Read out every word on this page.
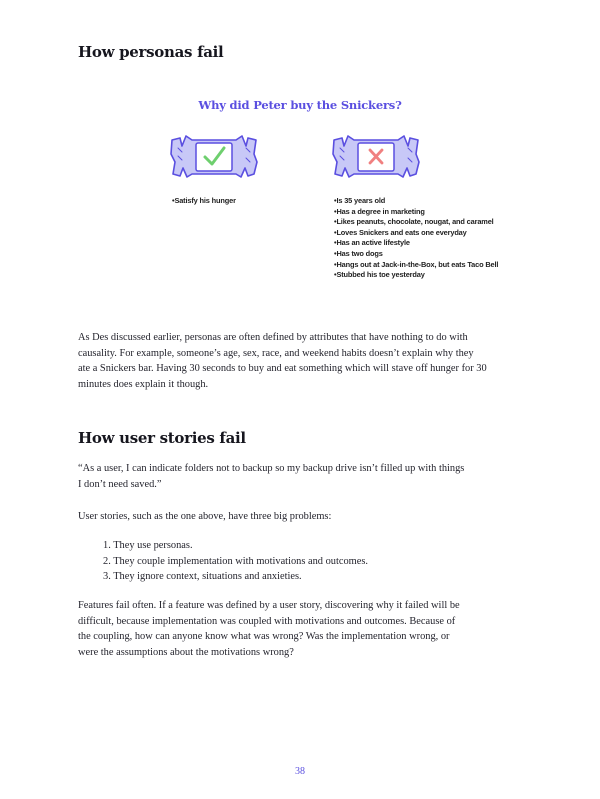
How personas fail
Why did Peter buy the Snickers?
• Satisfy his hunger	• Is 35 years old
• Has a degree in marketing
• Likes peanuts, chocolate, nougat, and caramel
• Loves Snickers and eats one everyday
• Has an active lifestyle
• Has two dogs
• Hangs out at Jack-in-the-Box, but eats Taco Bell
• Stubbed his toe yesterday

As Des discussed earlier, personas are often defined by attributes that have nothing to do with

causality. For example, someone’s age, sex, race, and weekend habits doesn’t explain why they

ate a Snickers bar. Having 30 seconds to buy and eat something which will stave off hunger for 30

minutes does explain it though.

How user stories fail

“As a user, I can indicate folders not to backup so my backup drive isn’t filled up with things

I don’t need saved.”

User stories, such as the one above, have three big problems:

1. They use personas.
2. They couple implementation with motivations and outcomes.
3. They ignore context, situations and anxieties.

Features fail often. If a feature was defined by a user story, discovering why it failed will be

difficult, because implementation was coupled with motivations and outcomes. Because of

the coupling, how can anyone know what was wrong? Was the implementation wrong, or

were the assumptions about the motivations wrong?

38
